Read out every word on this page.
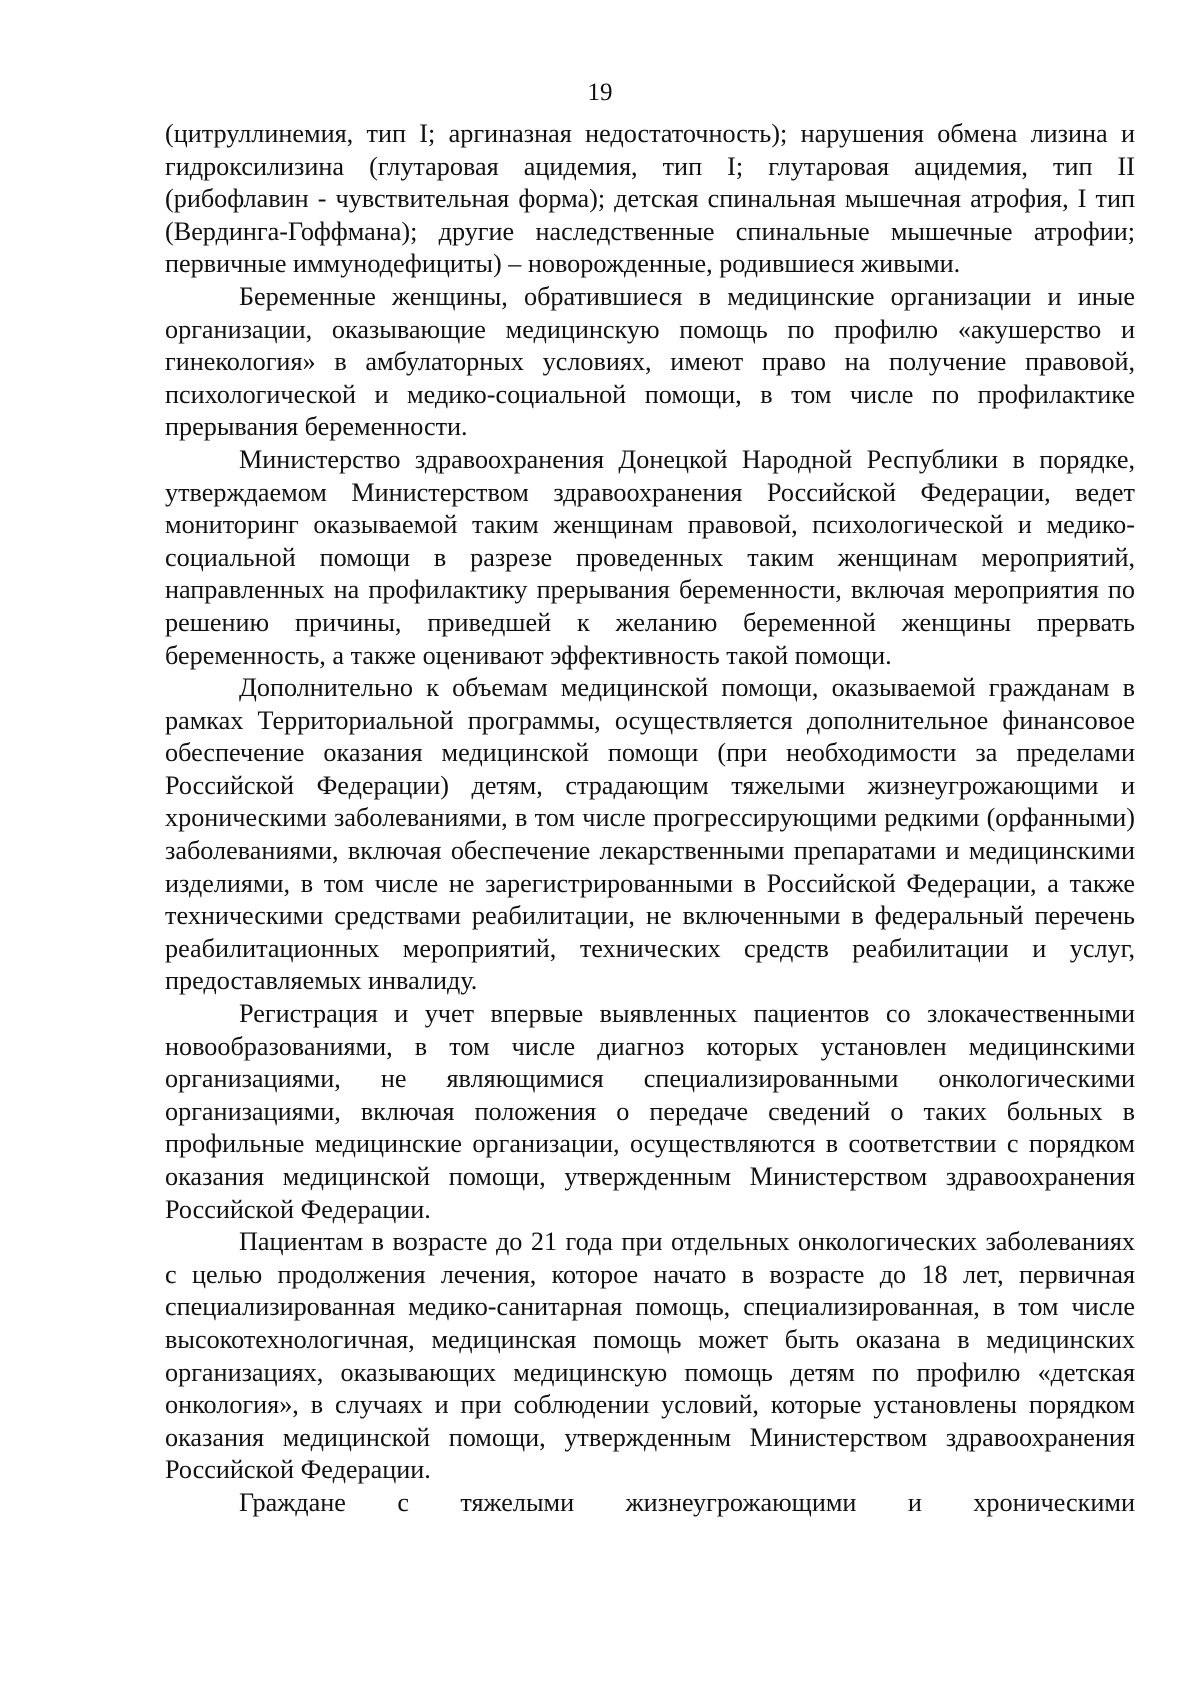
19

(цитруллинемия, тип I; аргиназная недостаточность); нарушения обмена лизина и гидроксилизина (глутаровая ацидемия, тип I; глутаровая ацидемия, тип II (рибофлавин - чувствительная форма); детская спинальная мышечная атрофия, I тип (Вердинга-Гоффмана); другие наследственные спинальные мышечные атрофии; первичные иммунодефициты) – новорожденные, родившиеся живыми.

Беременные женщины, обратившиеся в медицинские организации и иные организации, оказывающие медицинскую помощь по профилю «акушерство и гинекология» в амбулаторных условиях, имеют право на получение правовой, психологической и медико-социальной помощи, в том числе по профилактике прерывания беременности.

Министерство здравоохранения Донецкой Народной Республики в порядке, утверждаемом Министерством здравоохранения Российской Федерации, ведет мониторинг оказываемой таким женщинам правовой, психологической и медико-социальной помощи в разрезе проведенных таким женщинам мероприятий, направленных на профилактику прерывания беременности, включая мероприятия по решению причины, приведшей к желанию беременной женщины прервать беременность, а также оценивают эффективность такой помощи.

Дополнительно к объемам медицинской помощи, оказываемой гражданам в рамках Территориальной программы, осуществляется дополнительное финансовое обеспечение оказания медицинской помощи (при необходимости за пределами Российской Федерации) детям, страдающим тяжелыми жизнеугрожающими и хроническими заболеваниями, в том числе прогрессирующими редкими (орфанными) заболеваниями, включая обеспечение лекарственными препаратами и медицинскими изделиями, в том числе не зарегистрированными в Российской Федерации, а также техническими средствами реабилитации, не включенными в федеральный перечень реабилитационных мероприятий, технических средств реабилитации и услуг, предоставляемых инвалиду.

Регистрация и учет впервые выявленных пациентов со злокачественными новообразованиями, в том числе диагноз которых установлен медицинскими организациями, не являющимися специализированными онкологическими организациями, включая положения о передаче сведений о таких больных в профильные медицинские организации, осуществляются в соответствии с порядком оказания медицинской помощи, утвержденным Министерством здравоохранения Российской Федерации.

Пациентам в возрасте до 21 года при отдельных онкологических заболеваниях с целью продолжения лечения, которое начато в возрасте до 18 лет, первичная специализированная медико-санитарная помощь, специализированная, в том числе высокотехнологичная, медицинская помощь может быть оказана в медицинских организациях, оказывающих медицинскую помощь детям по профилю «детская онкология», в случаях и при соблюдении условий, которые установлены порядком оказания медицинской помощи, утвержденным Министерством здравоохранения Российской Федерации.

Граждане с тяжелыми жизнеугрожающими и хроническими
